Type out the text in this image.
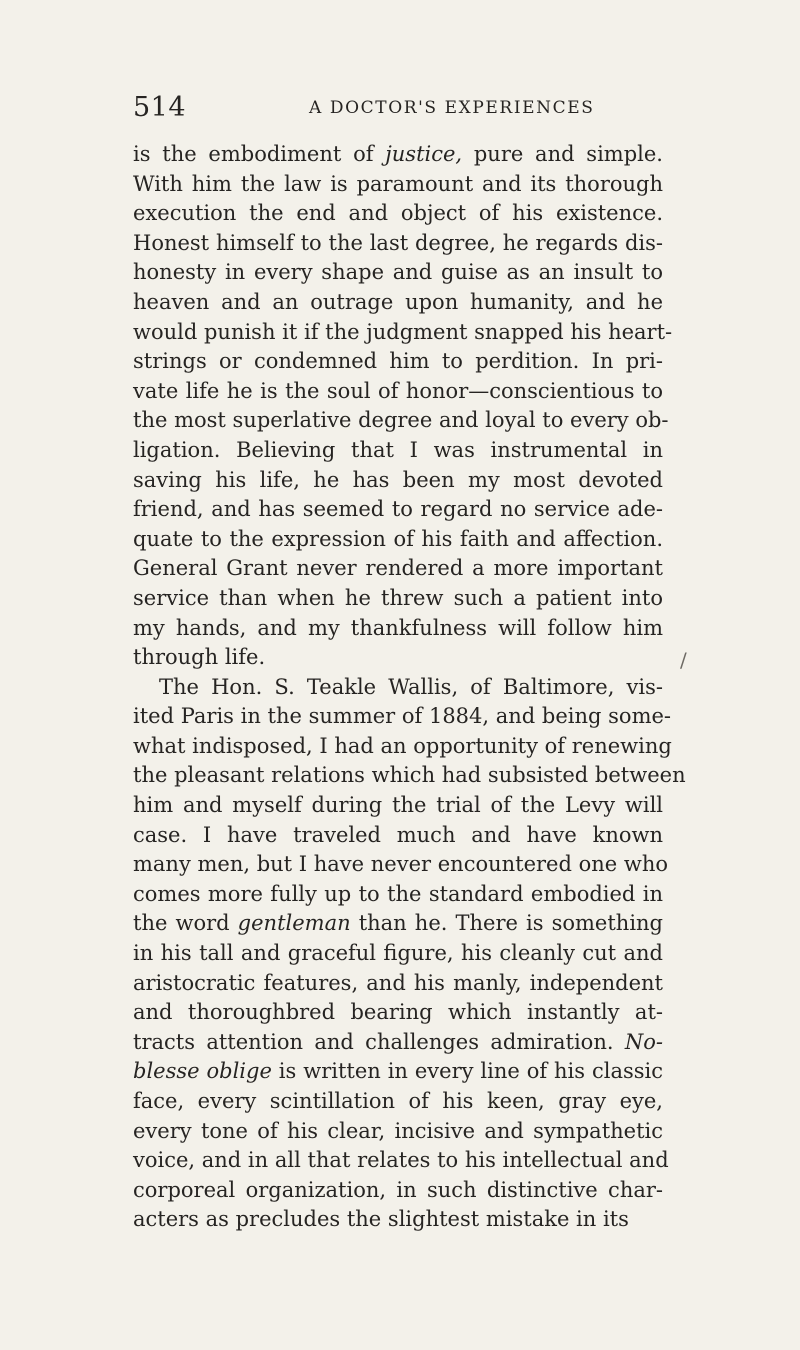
514	A DOCTOR'S EXPERIENCES
is the embodiment of justice, pure and simple.
With him the law is paramount and its thorough
execution the end and object of his existence.
Honest himself to the last degree, he regards dis-
honesty in every shape and guise as an insult to
heaven and an outrage upon humanity, and he
would punish it if the judgment snapped his heart-
strings or condemned him to perdition. In pri-
vate life he is the soul of honor—conscientious to
the most superlative degree and loyal to every ob-
ligation. Believing that I was instrumental in
saving his life, he has been my most devoted
friend, and has seemed to regard no service ade-
quate to the expression of his faith and affection.
General Grant never rendered a more important
service than when he threw such a patient into
my hands, and my thankfulness will follow him
through life.
The Hon. S. Teakle Wallis, of Baltimore, vis-
ited Paris in the summer of 1884, and being some-
what indisposed, I had an opportunity of renewing
the pleasant relations which had subsisted between
him and myself during the trial of the Levy will
case. I have traveled much and have known
many men, but I have never encountered one who
comes more fully up to the standard embodied in
the word gentleman than he. There is something
in his tall and graceful figure, his cleanly cut and
aristocratic features, and his manly, independent
and thoroughbred bearing which instantly at-
tracts attention and challenges admiration. No-
blesse oblige is written in every line of his classic
face, every scintillation of his keen, gray eye,
every tone of his clear, incisive and sympathetic
voice, and in all that relates to his intellectual and
corporeal organization, in such distinctive char-
acters as precludes the slightest mistake in its
/
